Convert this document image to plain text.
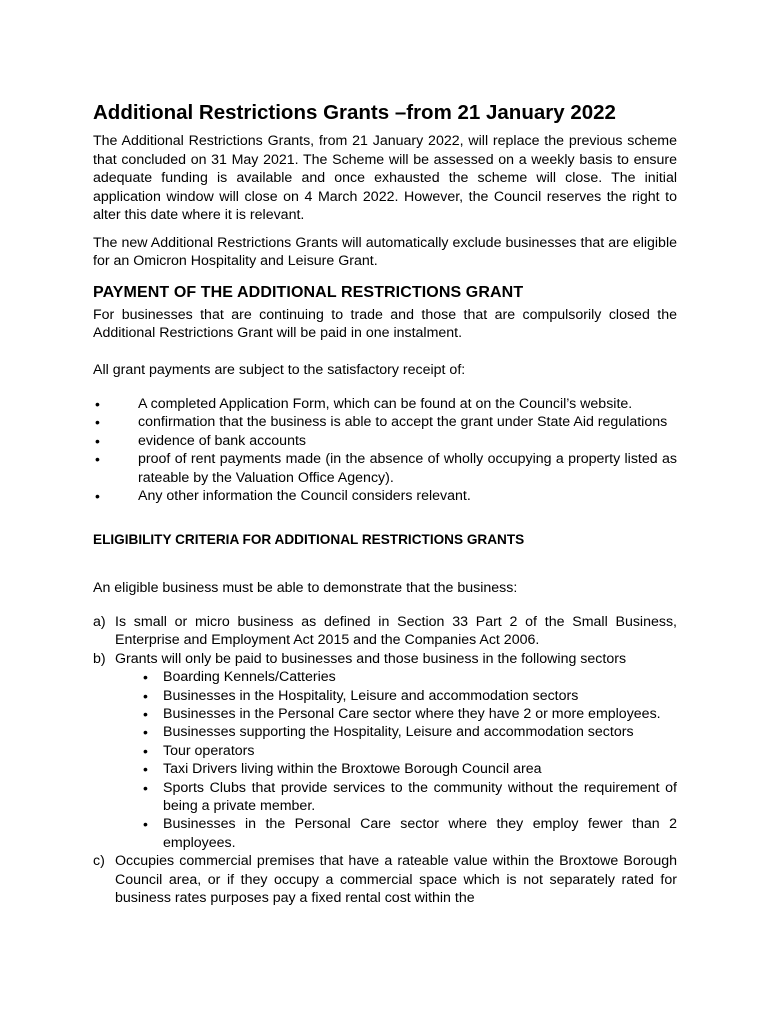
Additional Restrictions Grants –from 21 January 2022

The Additional Restrictions Grants, from 21 January 2022, will replace the previous scheme that concluded on 31 May 2021. The Scheme will be assessed on a weekly basis to ensure adequate funding is available and once exhausted the scheme will close. The initial application window will close on 4 March 2022. However, the Council reserves the right to alter this date where it is relevant.

The new Additional Restrictions Grants will automatically exclude businesses that are eligible for an Omicron Hospitality and Leisure Grant.

PAYMENT OF THE ADDITIONAL RESTRICTIONS GRANT

For businesses that are continuing to trade and those that are compulsorily closed the Additional Restrictions Grant will be paid in one instalment.

All grant payments are subject to the satisfactory receipt of:

• A completed Application Form, which can be found at on the Council’s website.
• confirmation that the business is able to accept the grant under State Aid regulations
• evidence of bank accounts
• proof of rent payments made (in the absence of wholly occupying a property listed as rateable by the Valuation Office Agency).
• Any other information the Council considers relevant.
ELIGIBILITY CRITERIA FOR ADDITIONAL RESTRICTIONS GRANTS

An eligible business must be able to demonstrate that the business:

a) Is small or micro business as defined in Section 33 Part 2 of the Small Business, Enterprise and Employment Act 2015 and the Companies Act 2006.
b) Grants will only be paid to businesses and those business in the following sectors
• Boarding Kennels/Catteries
• Businesses in the Hospitality, Leisure and accommodation sectors
• Businesses in the Personal Care sector where they have 2 or more employees.
• Businesses supporting the Hospitality, Leisure and accommodation sectors
• Tour operators
• Taxi Drivers living within the Broxtowe Borough Council area
• Sports Clubs that provide services to the community without the requirement of being a private member.
• Businesses in the Personal Care sector where they employ fewer than 2 employees.
c) Occupies commercial premises that have a rateable value within the Broxtowe Borough Council area, or if they occupy a commercial space which is not separately rated for business rates purposes pay a fixed rental cost within the
